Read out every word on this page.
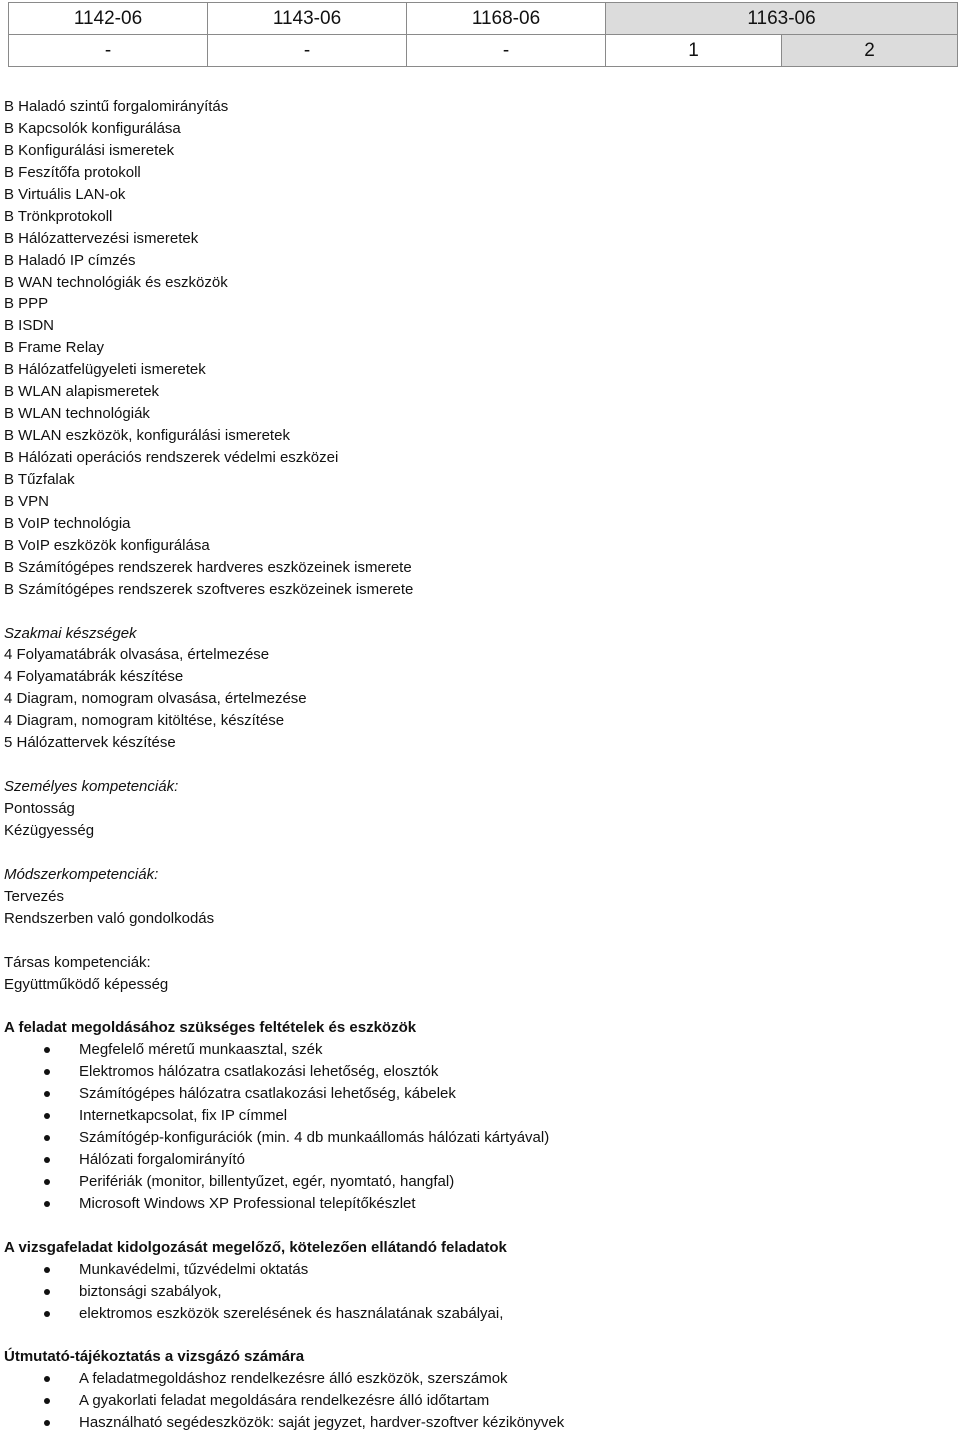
1142-06	1143-06	1168-06	1163-06	
-	-	-	1	2
B Haladó szintű forgalomirányítás
B Kapcsolók konfigurálása
B Konfigurálási ismeretek
B Feszítőfa protokoll
B Virtuális LAN-ok
B Trönkprotokoll
B Hálózattervezési ismeretek
B Haladó IP címzés
B WAN technológiák és eszközök
B PPP
B ISDN
B Frame Relay
B Hálózatfelügyeleti ismeretek
B WLAN alapismeretek
B WLAN technológiák
B WLAN eszközök, konfigurálási ismeretek
B Hálózati operációs rendszerek védelmi eszközei
B Tűzfalak
B VPN
B VoIP technológia
B VoIP eszközök konfigurálása
B Számítógépes rendszerek hardveres eszközeinek ismerete
B Számítógépes rendszerek szoftveres eszközeinek ismerete
Szakmai készségek
4 Folyamatábrák olvasása, értelmezése
4 Folyamatábrák készítése
4 Diagram, nomogram olvasása, értelmezése
4 Diagram, nomogram kitöltése, készítése
5 Hálózattervek készítése
Személyes kompetenciák:
Pontosság
Kézügyesség
Módszerkompetenciák:
Tervezés
Rendszerben való gondolkodás
Társas kompetenciák:
Együttműködő képesség
A feladat megoldásához szükséges feltételek és eszközök
Megfelelő méretű munkaasztal, szék
Elektromos hálózatra csatlakozási lehetőség, elosztók
Számítógépes hálózatra csatlakozási lehetőség, kábelek
Internetkapcsolat, fix IP címmel
Számítógép-konfigurációk (min. 4 db munkaállomás hálózati kártyával)
Hálózati forgalomirányító
Perifériák (monitor, billentyűzet, egér, nyomtató, hangfal)
Microsoft Windows XP Professional telepítőkészlet
A vizsgafeladat kidolgozását megelőző, kötelezően ellátandó feladatok
Munkavédelmi, tűzvédelmi oktatás
biztonsági szabályok,
elektromos eszközök szerelésének és használatának szabályai,
Útmutató-tájékoztatás a vizsgázó számára
A feladatmegoldáshoz rendelkezésre álló eszközök, szerszámok
A gyakorlati feladat megoldására rendelkezésre álló időtartam
Használható segédeszközök: saját jegyzet, hardver-szoftver kézikönyvek
